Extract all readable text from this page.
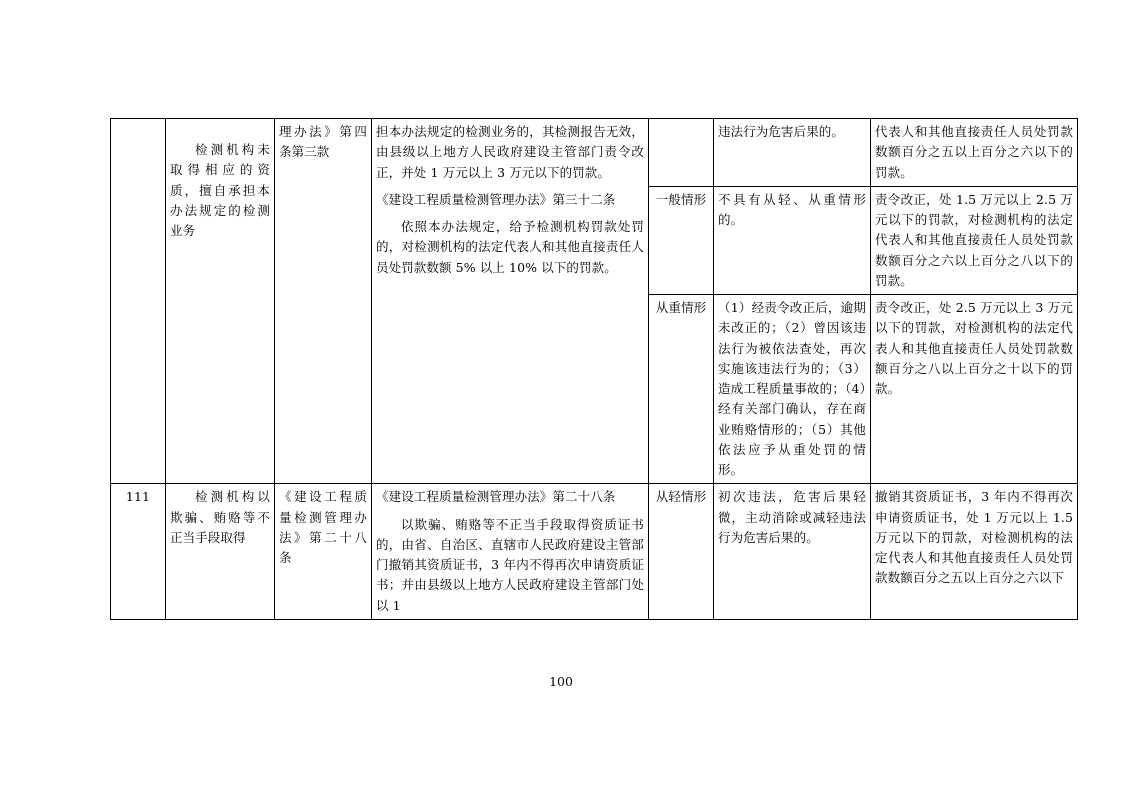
	检测机构未取得相应的资质，擅自承担本办法规定的检测业务	理办法》第四条第三款	担本办法规定的检测业务的，其检测报告无效，由县级以上地方人民政府建设主管部门责令改正，并处 1 万元以上 3 万元以下的罚款。

《建设工程质量检测管理办法》第三十二条

依照本办法规定，给予检测机构罚款处罚的，对检测机构的法定代表人和其他直接责任人员处罚款数额 5% 以上 10% 以下的罚款。		违法行为危害后果的。	代表人和其他直接责任人员处罚款数额百分之五以上百分之六以下的罚款。

				一般情形	不具有从轻、从重情形的。	责令改正，处 1.5 万元以上 2.5 万元以下的罚款，对检测机构的法定代表人和其他直接责任人员处罚款数额百分之六以上百分之八以下的罚款。

				从重情形	（1）经责令改正后，逾期未改正的；（2）曾因该违法行为被依法查处，再次实施该违法行为的；（3）造成工程质量事故的；（4）经有关部门确认，存在商业贿赂情形的；（5）其他依法应予从重处罚的情形。	责令改正，处 2.5 万元以上 3 万元以下的罚款，对检测机构的法定代表人和其他直接责任人员处罚款数额百分之八以上百分之十以下的罚款。

111	检测机构以欺骗、贿赂等不正当手段取得	《建设工程质量检测管理办法》第二十八条	《建设工程质量检测管理办法》第二十八条

以欺骗、贿赂等不正当手段取得资质证书的，由省、自治区、直辖市人民政府建设主管部门撤销其资质证书，3 年内不得再次申请资质证书；并由县级以上地方人民政府建设主管部门处以 1	从轻情形	初次违法，危害后果轻微，主动消除或减轻违法行为危害后果的。	撤销其资质证书，3 年内不得再次申请资质证书，处 1 万元以上 1.5 万元以下的罚款，对检测机构的法定代表人和其他直接责任人员处罚款数额百分之五以上百分之六以下

100
